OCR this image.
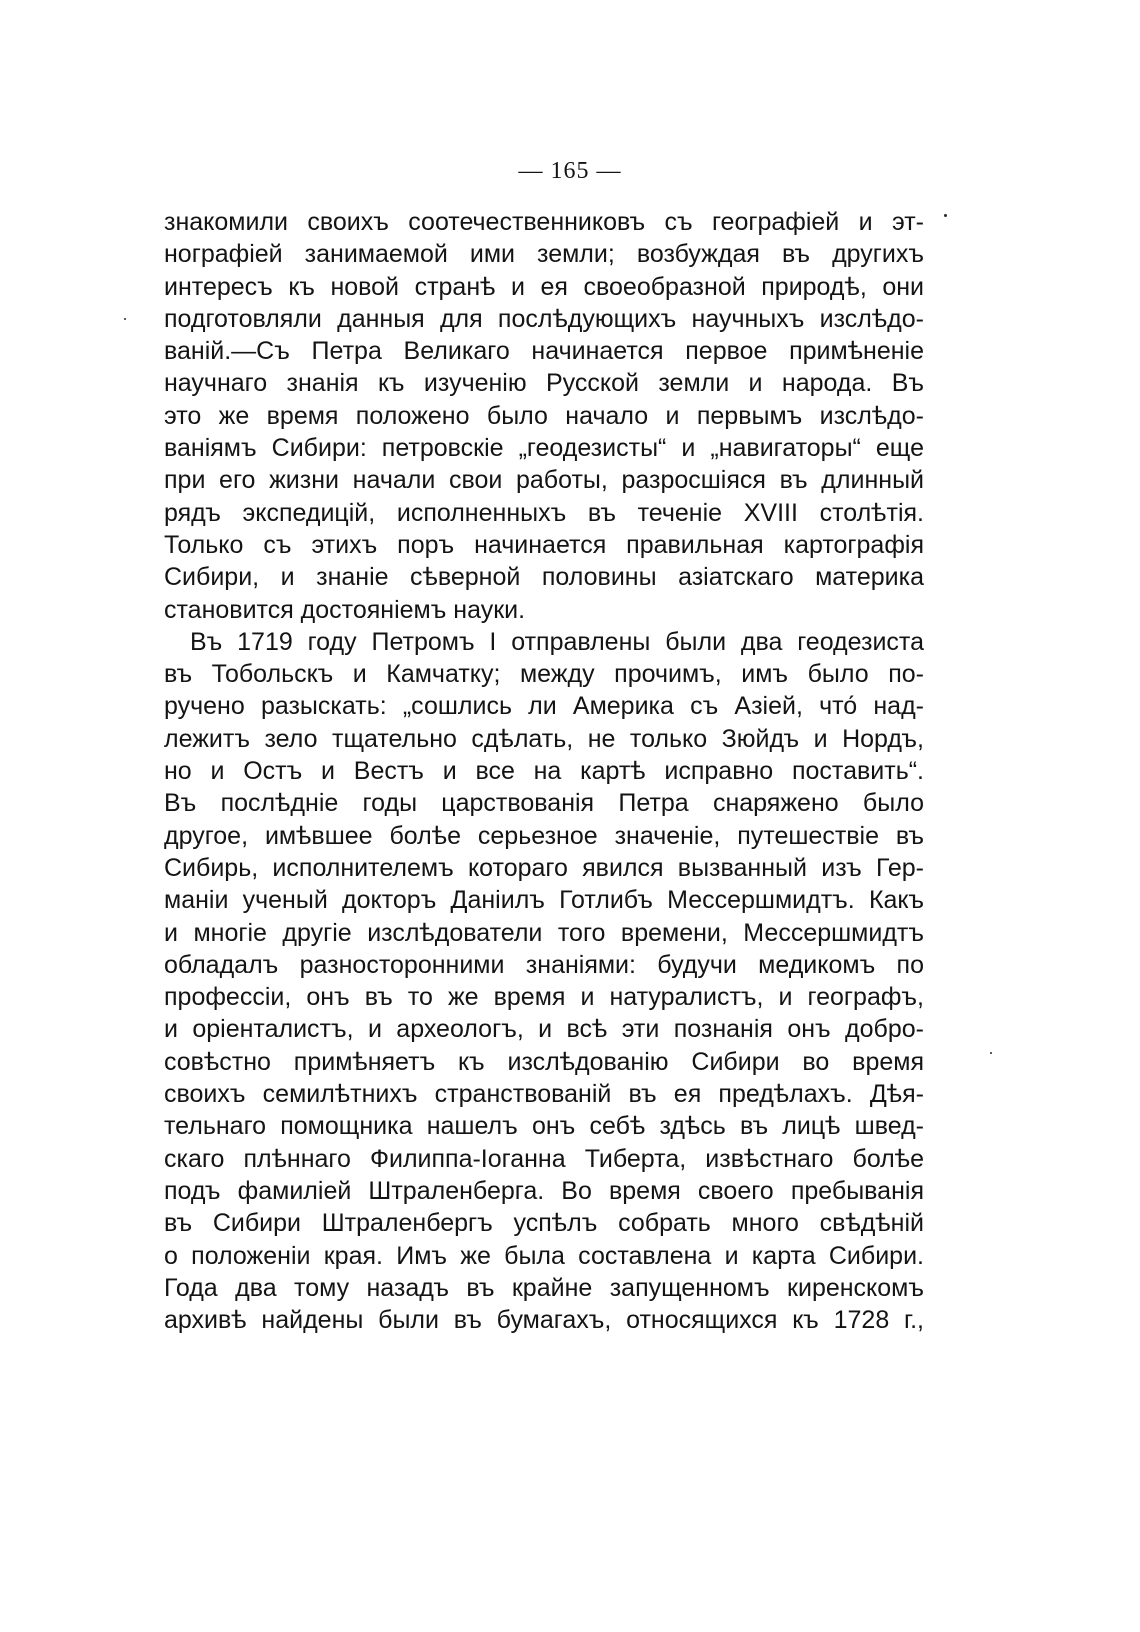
— 165 —
знакомили своихъ соотечественниковъ съ географіей и эт-
нографіей занимаемой ими земли; возбуждая въ другихъ
интересъ къ новой странѣ и ея своеобразной природѣ, они
подготовляли данныя для послѣдующихъ научныхъ изслѣдо-
ваній.—Съ Петра Великаго начинается первое примѣненіе
научнаго знанія къ изученію Русской земли и народа. Въ
это же время положено было начало и первымъ изслѣдо-
ваніямъ Сибири: петровскіе „геодезисты“ и „навигаторы“ еще
при его жизни начали свои работы, разросшіяся въ длинный
рядъ экспедицій, исполненныхъ въ теченіе XVIII столѣтія.
Только съ этихъ поръ начинается правильная картографія
Сибири, и знаніе сѣверной половины азіатскаго материка
становится достояніемъ науки.
Въ 1719 году Петромъ I отправлены были два геодезиста
въ Тобольскъ и Камчатку; между прочимъ, имъ было по-
ручено разыскать: „сошлись ли Америка съ Азіей, что́ над-
лежитъ зело тщательно сдѣлать, не только Зюйдъ и Нордъ,
но и Остъ и Вестъ и все на картѣ исправно поставить“.
Въ послѣдніе годы царствованія Петра снаряжено было
другое, имѣвшее болѣе серьезное значеніе, путешествіе въ
Сибирь, исполнителемъ котораго явился вызванный изъ Гер-
маніи ученый докторъ Даніилъ Готлибъ Мессершмидтъ. Какъ
и многіе другіе изслѣдователи того времени, Мессершмидтъ
обладалъ разносторонними знаніями: будучи медикомъ по
профессіи, онъ въ то же время и натуралистъ, и географъ,
и оріенталистъ, и археологъ, и всѣ эти познанія онъ добро-
совѣстно примѣняетъ къ изслѣдованію Сибири во время
своихъ семилѣтнихъ странствованій въ ея предѣлахъ. Дѣя-
тельнаго помощника нашелъ онъ себѣ здѣсь въ лицѣ швед-
скаго плѣннаго Филиппа-Іоганна Тиберта, извѣстнаго болѣе
подъ фамиліей Штраленберга. Во время своего пребыванія
въ Сибири Штраленбергъ успѣлъ собрать много свѣдѣній
о положеніи края. Имъ же была составлена и карта Сибири.
Года два тому назадъ въ крайне запущенномъ киренскомъ
архивѣ найдены были въ бумагахъ, относящихся къ 1728 г.,
